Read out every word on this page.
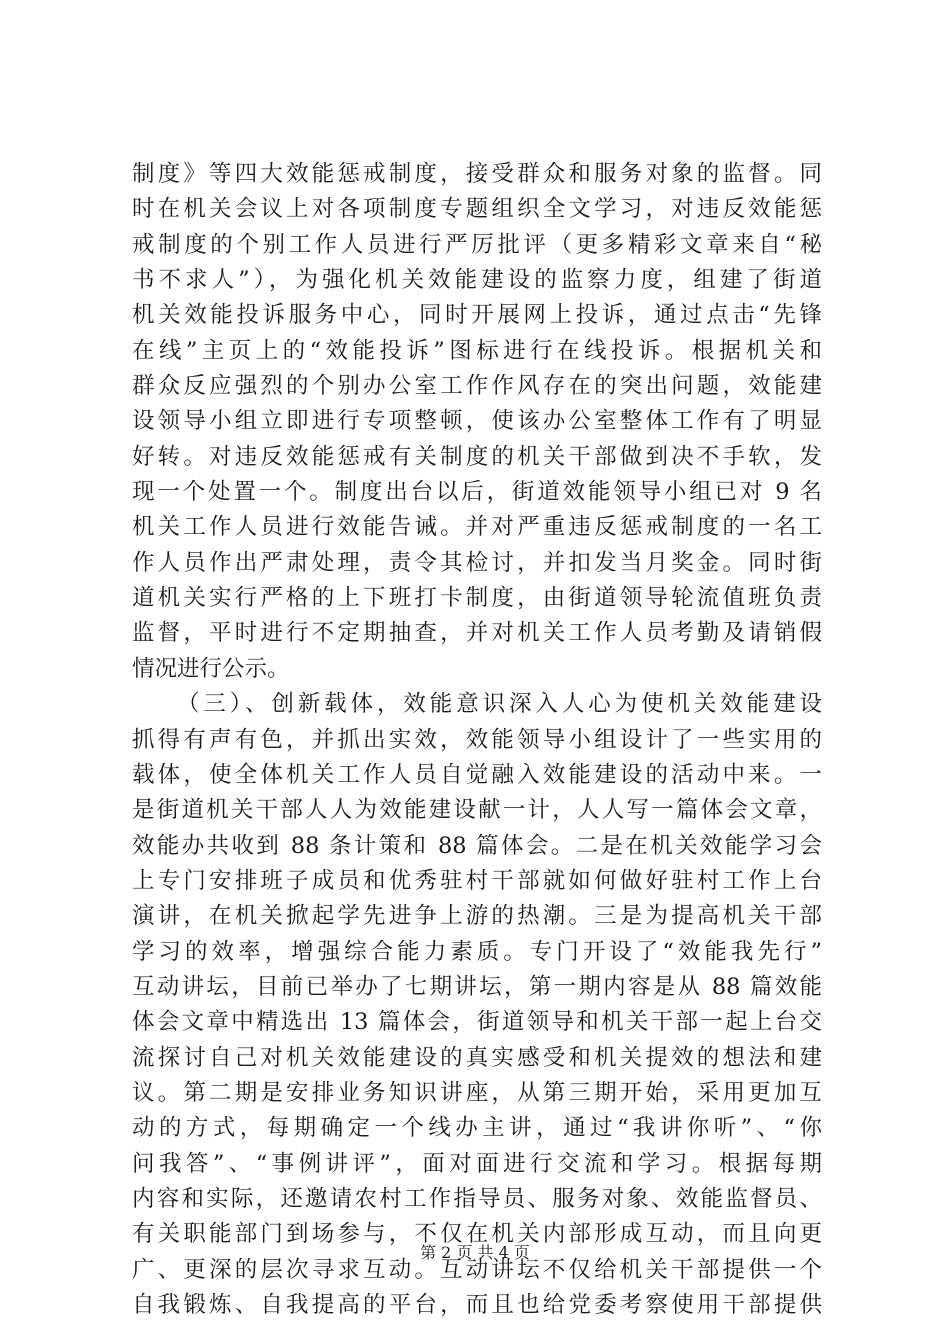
制度》等四大效能惩戒制度，接受群众和服务对象的监督。同
时在机关会议上对各项制度专题组织全文学习，对违反效能惩
戒制度的个别工作人员进行严厉批评（更多精彩文章来自“秘
书不求人”），为强化机关效能建设的监察力度，组建了街道
机关效能投诉服务中心，同时开展网上投诉，通过点击“先锋
在线”主页上的“效能投诉”图标进行在线投诉。根据机关和
群众反应强烈的个别办公室工作作风存在的突出问题，效能建
设领导小组立即进行专项整顿，使该办公室整体工作有了明显
好转。对违反效能惩戒有关制度的机关干部做到决不手软，发
现一个处置一个。制度出台以后，街道效能领导小组已对 9 名
机关工作人员进行效能告诫。并对严重违反惩戒制度的一名工
作人员作出严肃处理，责令其检讨，并扣发当月奖金。同时街
道机关实行严格的上下班打卡制度，由街道领导轮流值班负责
监督，平时进行不定期抽查，并对机关工作人员考勤及请销假
情况进行公示。
（三）、创新载体，效能意识深入人心为使机关效能建设
抓得有声有色，并抓出实效，效能领导小组设计了一些实用的
载体，使全体机关工作人员自觉融入效能建设的活动中来。一
是街道机关干部人人为效能建设献一计，人人写一篇体会文章，
效能办共收到 88 条计策和 88 篇体会。二是在机关效能学习会
上专门安排班子成员和优秀驻村干部就如何做好驻村工作上台
演讲，在机关掀起学先进争上游的热潮。三是为提高机关干部
学习的效率，增强综合能力素质。专门开设了“效能我先行”
互动讲坛，目前已举办了七期讲坛，第一期内容是从 88 篇效能
体会文章中精选出 13 篇体会，街道领导和机关干部一起上台交
流探讨自己对机关效能建设的真实感受和机关提效的想法和建
议。第二期是安排业务知识讲座，从第三期开始，采用更加互
动的方式，每期确定一个线办主讲，通过“我讲你听”、“你
问我答”、“事例讲评”，面对面进行交流和学习。根据每期
内容和实际，还邀请农村工作指导员、服务对象、效能监督员、
有关职能部门到场参与，不仅在机关内部形成互动，而且向更
广、更深的层次寻求互动。互动讲坛不仅给机关干部提供一个
自我锻炼、自我提高的平台，而且也给党委考察使用干部提供
第 2 页 共 4 页
